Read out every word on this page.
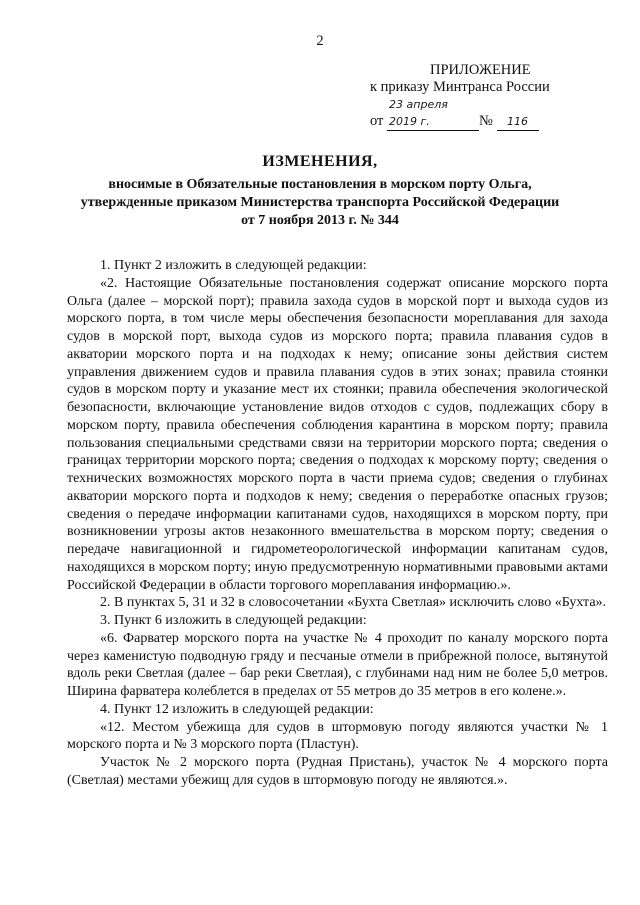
2
ПРИЛОЖЕНИЕ
к приказу Минтранса России
от 23 апреля 2019 г.	№ 116
ИЗМЕНЕНИЯ,
вносимые в Обязательные постановления в морском порту Ольга,
утвержденные приказом Министерства транспорта Российской Федерации
от 7 ноября 2013 г. № 344

1. Пункт 2 изложить в следующей редакции:

«2. Настоящие Обязательные постановления содержат описание морского порта Ольга (далее – морской порт); правила захода судов в морской порт и выхода судов из морского порта, в том числе меры обеспечения безопасности мореплавания для захода судов в морской порт, выхода судов из морского порта; правила плавания судов в акватории морского порта и на подходах к нему; описание зоны действия систем управления движением судов и правила плавания судов в этих зонах; правила стоянки судов в морском порту и указание мест их стоянки; правила обеспечения экологической безопасности, включающие установление видов отходов с судов, подлежащих сбору в морском порту, правила обеспечения соблюдения карантина в морском порту; правила пользования специальными средствами связи на территории морского порта; сведения о границах территории морского порта; сведения о подходах к морскому порту; сведения о технических возможностях морского порта в части приема судов; сведения о глубинах акватории морского порта и подходов к нему; сведения о переработке опасных грузов; сведения о передаче информации капитанами судов, находящихся в морском порту, при возникновении угрозы актов незаконного вмешательства в морском порту; сведения о передаче навигационной и гидрометеорологической информации капитанам судов, находящихся в морском порту; иную предусмотренную нормативными правовыми актами Российской Федерации в области торгового мореплавания информацию.».

2. В пунктах 5, 31 и 32 в словосочетании «Бухта Светлая» исключить слово «Бухта».

3. Пункт 6 изложить в следующей редакции:

«6. Фарватер морского порта на участке № 4 проходит по каналу морского порта через каменистую подводную гряду и песчаные отмели в прибрежной полосе, вытянутой вдоль реки Светлая (далее – бар реки Светлая), с глубинами над ним не более 5,0 метров. Ширина фарватера колеблется в пределах от 55 метров до 35 метров в его колене.».

4. Пункт 12 изложить в следующей редакции:

«12. Местом убежища для судов в штормовую погоду являются участки № 1 морского порта и № 3 морского порта (Пластун).

Участок № 2 морского порта (Рудная Пристань), участок № 4 морского порта (Светлая) местами убежищ для судов в штормовую погоду не являются.».
